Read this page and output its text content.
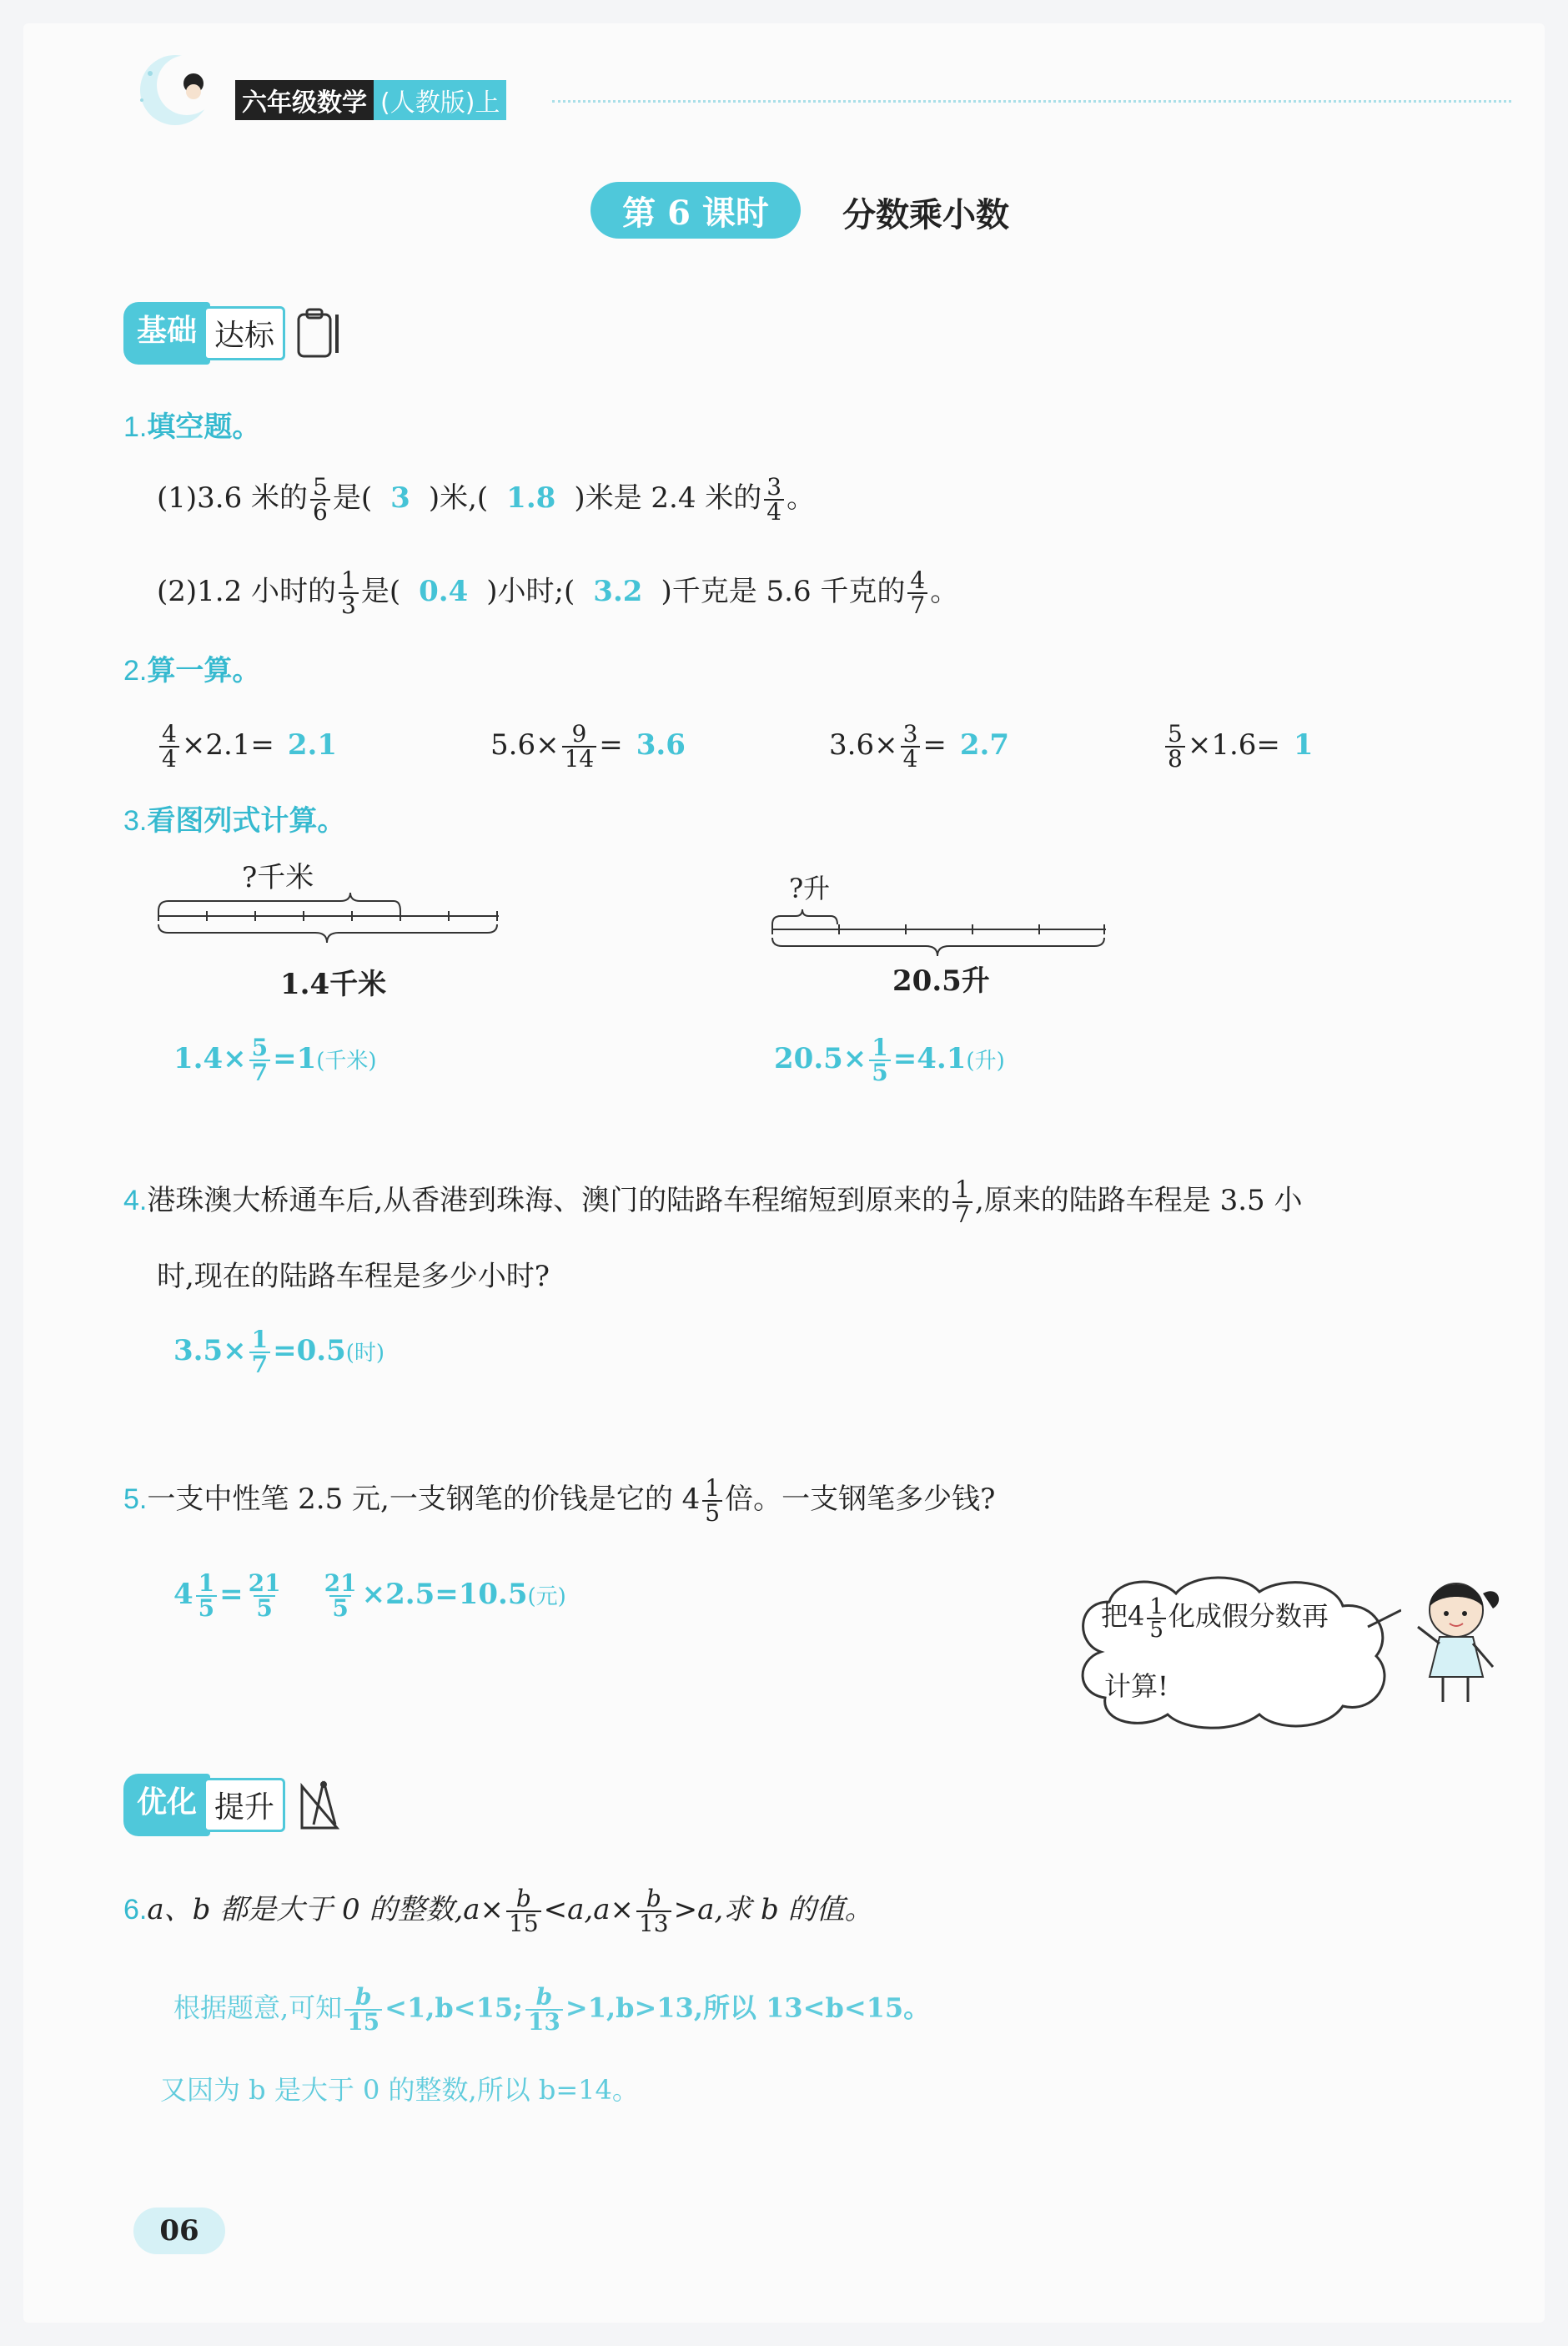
六年级数学 (人教版)上
第 6 课时 分数乘小数
基础 达标
1.填空题。
(1)3.6 米的 $\frac{5}{6}$ 是( 3 )米,( 1.8 )米是 2.4 米的 $\frac{3}{4}$ 。
(2)1.2 小时的 $\frac{1}{3}$ 是( 0.4 )小时;( 3.2 )千克是 5.6 千克的 $\frac{4}{7}$ 。
2.算一算。
$\frac{4}{4} \times 2.1= 2.1$	$5.6\times \frac{9}{14} = 3.6$	$3.6\times \frac{3}{4} = 2.7$	$\frac{5}{8} \times 1.6= 1$
3.看图列式计算。
?千米
1.4千米
$1.4\times \frac{5}{7} =1$(千米)
?升
20.5升
$20.5\times \frac{1}{5} =4.1$(升)
4.港珠澳大桥通车后,从香港到珠海、澳门的陆路车程缩短到原来的 $\frac{1}{7}$ ,原来的陆路车程是 3.5 小
时,现在的陆路车程是多少小时?
$3.5\times \frac{1}{7} =0.5$(时)
5.一支中性笔 2.5 元,一支钢笔的价钱是它的 $4 \frac{1}{5}$ 倍。一支钢笔多少钱?
$4 \frac{1}{5} = \frac{21}{5} \frac{21}{5} \times 2.5=10.5$(元)
把$4 \frac{1}{5}$ 化成假分数再
计算!
优化 提升
6.a、b 都是大于 0 的整数$,a\times \frac{b}{15} <a,a\times \frac{b}{13} >a$,求 b 的值。
根据题意,可知 $\frac{b}{15} <1,b<15$; $\frac{b}{13} >1,b>13$,所以 13<b<15。
又因为 b 是大于 0 的整数,所以 b=14。
06
